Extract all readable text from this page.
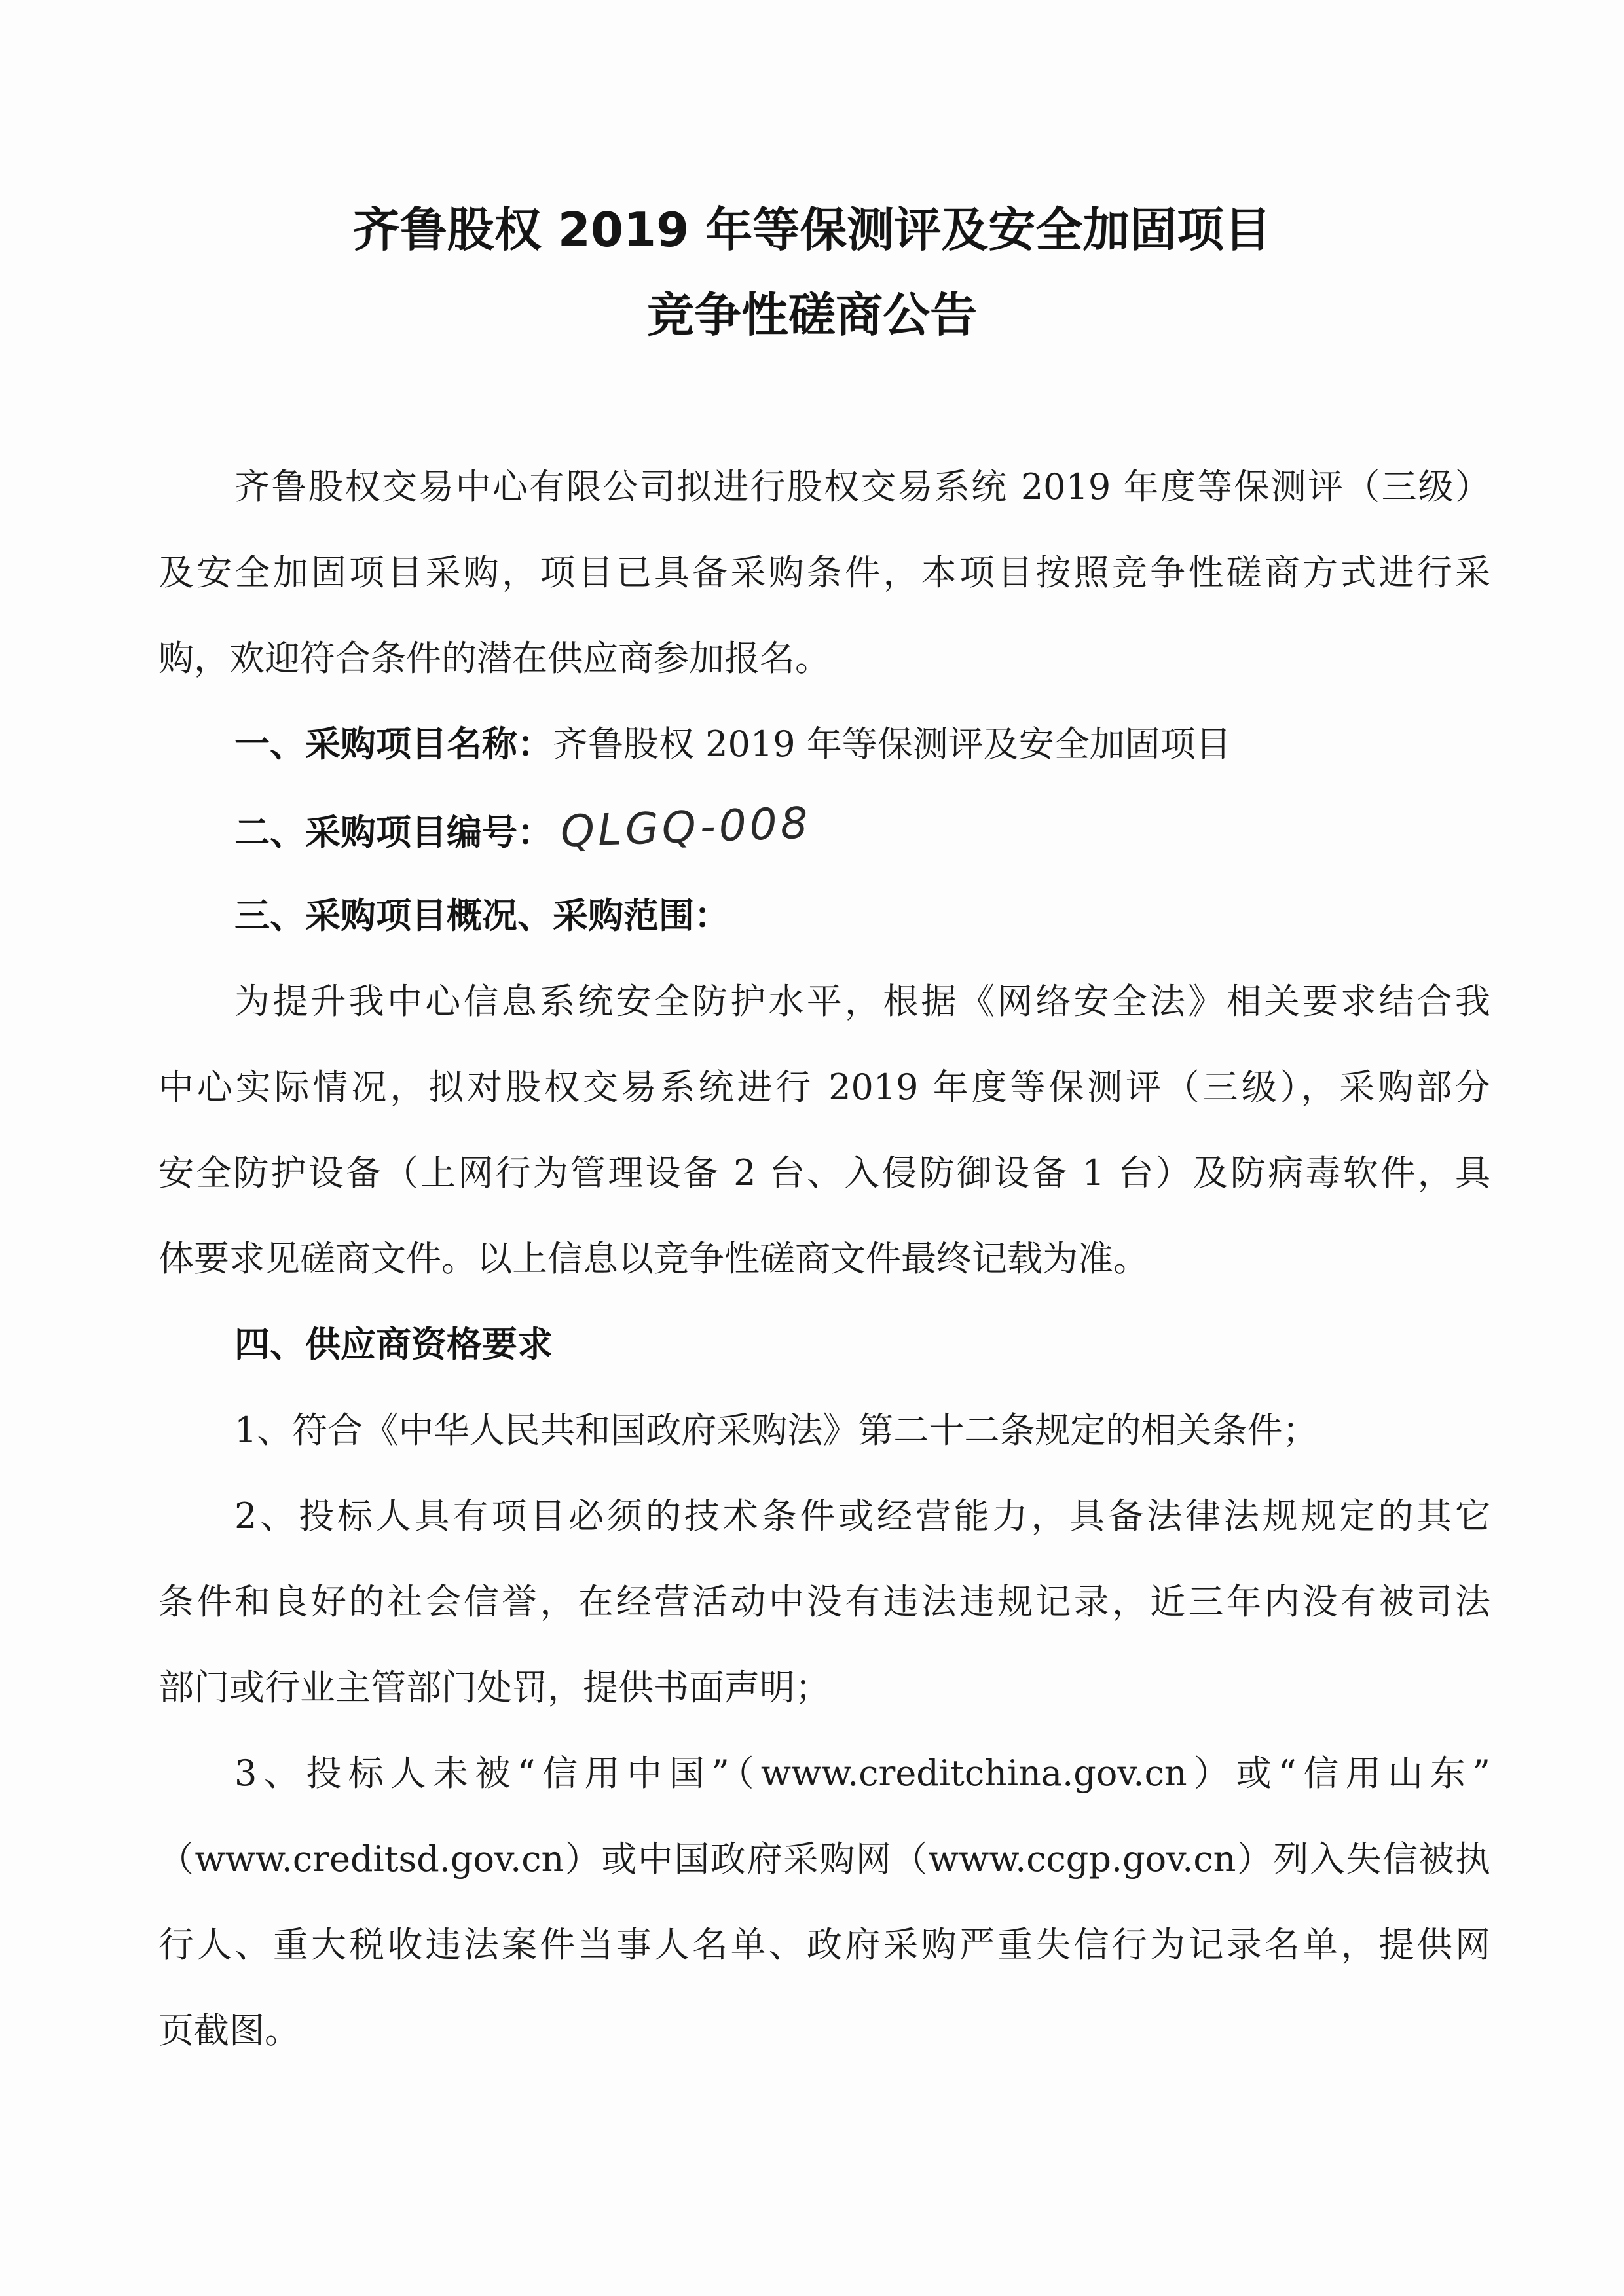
齐鲁股权 2019 年等保测评及安全加固项目
竞争性磋商公告
齐鲁股权交易中心有限公司拟进行股权交易系统 2019 年度等保测评（三级）
及安全加固项目采购，项目已具备采购条件，本项目按照竞争性磋商方式进行采
购，欢迎符合条件的潜在供应商参加报名。
一、采购项目名称：齐鲁股权 2019 年等保测评及安全加固项目
二、采购项目编号： QLGQ-008
三、采购项目概况、采购范围：
为提升我中心信息系统安全防护水平，根据《网络安全法》相关要求结合我
中心实际情况，拟对股权交易系统进行 2019 年度等保测评（三级），采购部分
安全防护设备（上网行为管理设备 2 台、入侵防御设备 1 台）及防病毒软件，具
体要求见磋商文件。以上信息以竞争性磋商文件最终记载为准。
四、供应商资格要求
1、符合《中华人民共和国政府采购法》第二十二条规定的相关条件；
2、投标人具有项目必须的技术条件或经营能力，具备法律法规规定的其它
条件和良好的社会信誉，在经营活动中没有违法违规记录，近三年内没有被司法
部门或行业主管部门处罚，提供书面声明；
3、投标人未被“信用中国”（www.creditchina.gov.cn）或“信用山东”
（www.creditsd.gov.cn）或中国政府采购网（www.ccgp.gov.cn）列入失信被执
行人、重大税收违法案件当事人名单、政府采购严重失信行为记录名单，提供网
页截图。
